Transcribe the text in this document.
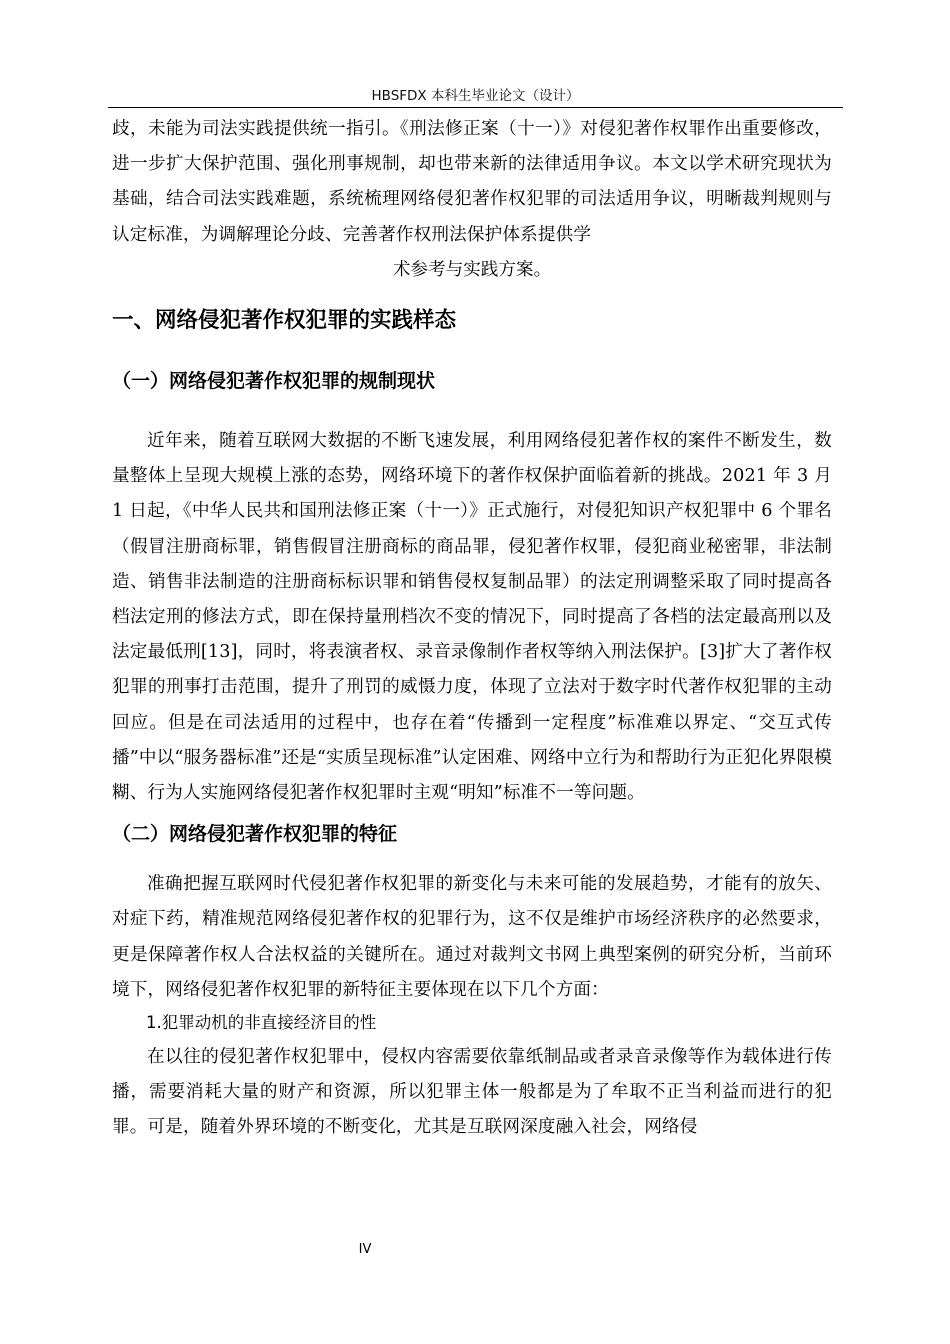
HBSFDX 本科生毕业论文（设计）

歧，未能为司法实践提供统一指引。《刑法修正案（十一）》对侵犯著作权罪作出重要修改，进一步扩大保护范围、强化刑事规制，却也带来新的法律适用争议。本文以学术研究现状为基础，结合司法实践难题，系统梳理网络侵犯著作权犯罪的司法适用争议，明晰裁判规则与认定标准，为调解理论分歧、完善著作权刑法保护体系提供学

术参考与实践方案。

一、网络侵犯著作权犯罪的实践样态
（一）网络侵犯著作权犯罪的规制现状

近年来，随着互联网大数据的不断飞速发展，利用网络侵犯著作权的案件不断发生，数量整体上呈现大规模上涨的态势，网络环境下的著作权保护面临着新的挑战。2021 年 3 月 1 日起，《中华人民共和国刑法修正案（十一）》正式施行，对侵犯知识产权犯罪中 6 个罪名（假冒注册商标罪，销售假冒注册商标的商品罪，侵犯著作权罪，侵犯商业秘密罪，非法制造、销售非法制造的注册商标标识罪和销售侵权复制品罪）的法定刑调整采取了同时提高各档法定刑的修法方式，即在保持量刑档次不变的情况下，同时提高了各档的法定最高刑以及法定最低刑[13]，同时，将表演者权、录音录像制作者权等纳入刑法保护。[3]扩大了著作权犯罪的刑事打击范围，提升了刑罚的威慑力度，体现了立法对于数字时代著作权犯罪的主动回应。但是在司法适用的过程中，也存在着“传播到一定程度”标准难以界定、“交互式传播”中以“服务器标准”还是“实质呈现标准”认定困难、网络中立行为和帮助行为正犯化界限模糊、行为人实施网络侵犯著作权犯罪时主观“明知”标准不一等问题。

（二）网络侵犯著作权犯罪的特征

准确把握互联网时代侵犯著作权犯罪的新变化与未来可能的发展趋势，才能有的放矢、对症下药，精准规范网络侵犯著作权的犯罪行为，这不仅是维护市场经济秩序的必然要求，更是保障著作权人合法权益的关键所在。通过对裁判文书网上典型案例的研究分析，当前环境下，网络侵犯著作权犯罪的新特征主要体现在以下几个方面：

1.犯罪动机的非直接经济目的性

在以往的侵犯著作权犯罪中，侵权内容需要依靠纸制品或者录音录像等作为载体进行传播，需要消耗大量的财产和资源，所以犯罪主体一般都是为了牟取不正当利益而进行的犯罪。可是，随着外界环境的不断变化，尤其是互联网深度融入社会，网络侵

IV
